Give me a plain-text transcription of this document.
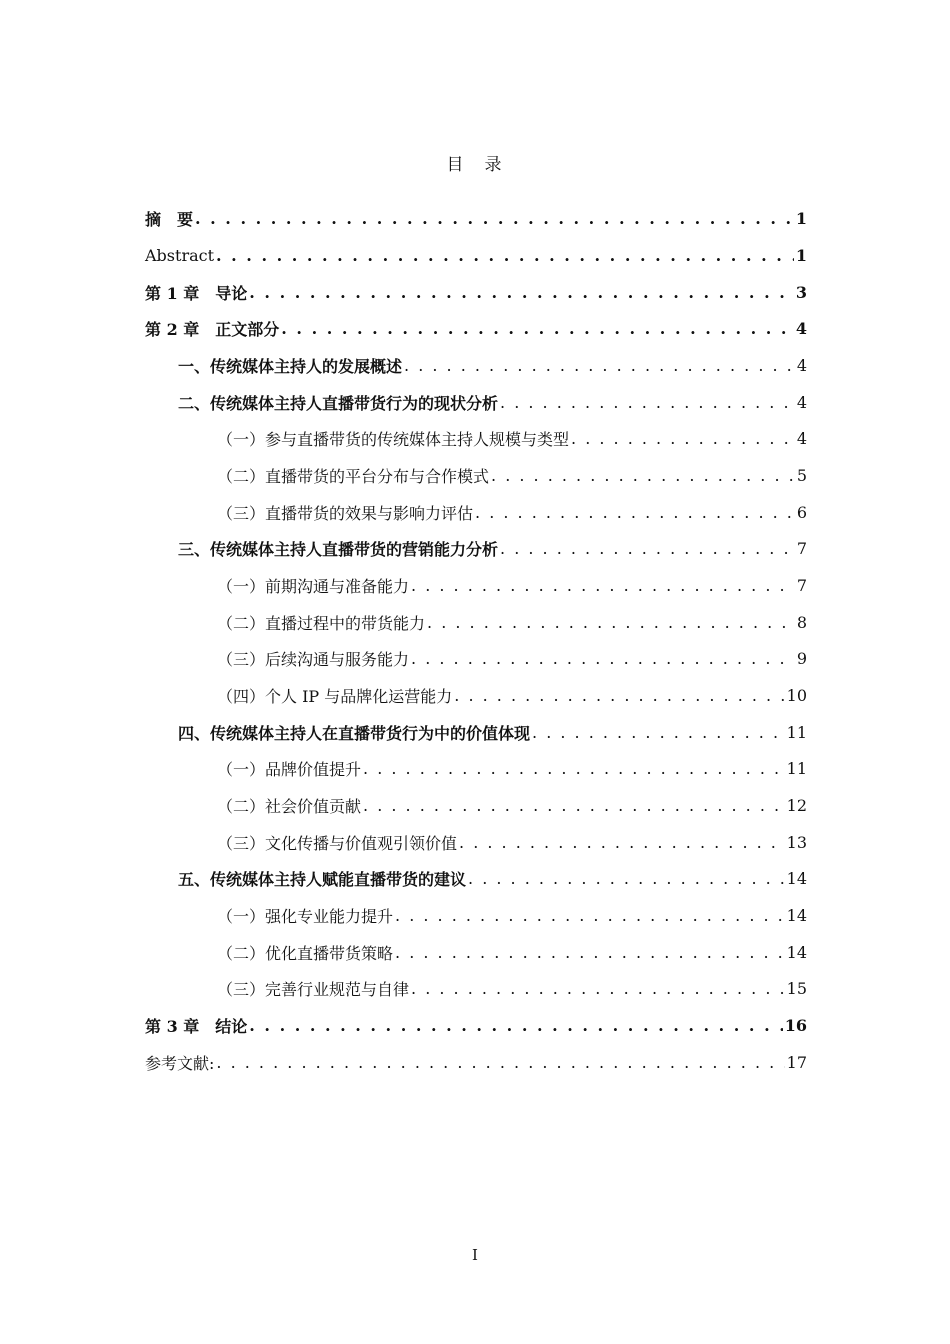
目　录
摘　要 . . .	1
Abstract . . .	1
第 1 章　导论 . . .	3
第 2 章　正文部分 . . .	4
一、传统媒体主持人的发展概述 . . .	4
二、传统媒体主持人直播带货行为的现状分析 . . .	4
（一）参与直播带货的传统媒体主持人规模与类型 . . .	4
（二）直播带货的平台分布与合作模式 . . .	5
（三）直播带货的效果与影响力评估 . . .	6
三、传统媒体主持人直播带货的营销能力分析 . . .	7
（一）前期沟通与准备能力 . . .	7
（二）直播过程中的带货能力 . . .	8
（三）后续沟通与服务能力 . . .	9
（四）个人 IP 与品牌化运营能力 . . .	10
四、传统媒体主持人在直播带货行为中的价值体现 . . .	11
（一）品牌价值提升 . . .	11
（二）社会价值贡献 . . .	12
（三）文化传播与价值观引领价值 . . .	13
五、传统媒体主持人赋能直播带货的建议 . . .	14
（一）强化专业能力提升 . . .	14
（二）优化直播带货策略 . . .	14
（三）完善行业规范与自律 . . .	15
第 3 章　结论 . . .	16
参考文献: . . .	17
I
